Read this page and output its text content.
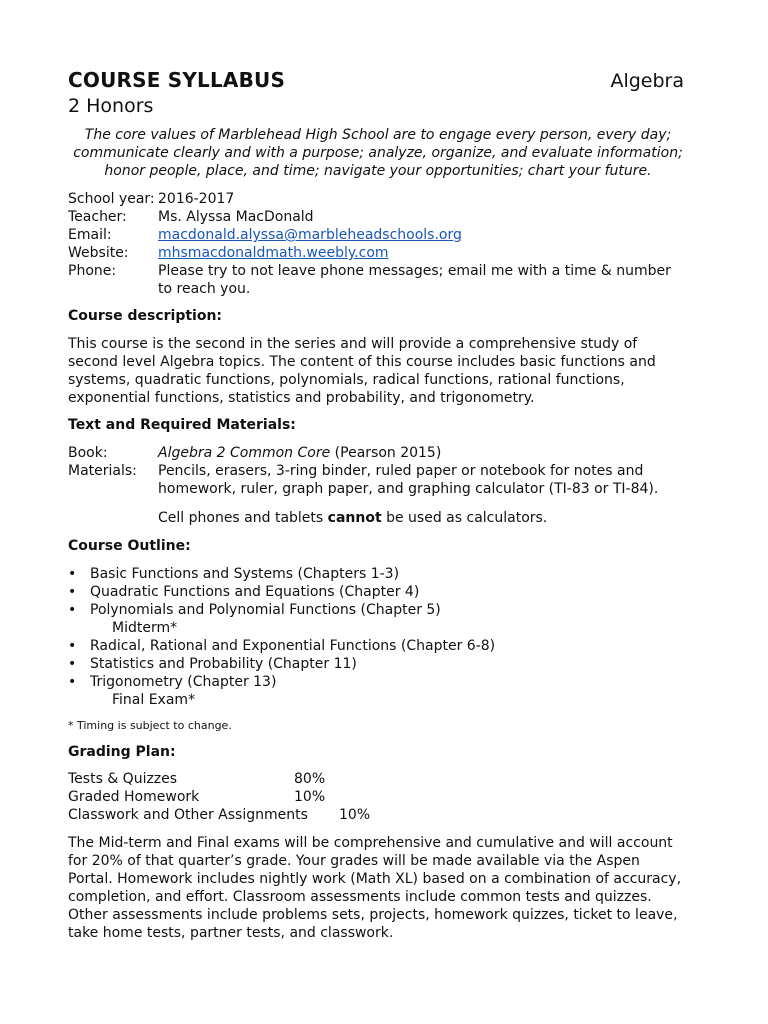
COURSE SYLLABUS	Algebra
2 Honors

The core values of Marblehead High School are to engage every person, every day; communicate clearly and with a purpose; analyze, organize, and evaluate information; honor people, place, and time; navigate your opportunities; chart your future.

School year: 2016-2017
Teacher:	Ms. Alyssa MacDonald
Email:	macdonald.alyssa@marbleheadschools.org
Website:	mhsmacdonaldmath.weebly.com
Phone:	Please try to not leave phone messages; email me with a time & number to reach you.
Course description:
This course is the second in the series and will provide a comprehensive study of second level Algebra topics. The content of this course includes basic functions and systems, quadratic functions, polynomials, radical functions, rational functions, exponential functions, statistics and probability, and trigonometry.
Text and Required Materials:
Book:	Algebra 2 Common Core (Pearson 2015)
Materials:	Pencils, erasers, 3-ring binder, ruled paper or notebook for notes and homework, ruler, graph paper, and graphing calculator (TI-83 or TI-84).
Cell phones and tablets cannot be used as calculators.
Course Outline:
• Basic Functions and Systems (Chapters 1-3)
• Quadratic Functions and Equations (Chapter 4)
• Polynomials and Polynomial Functions (Chapter 5)
Midterm*
• Radical, Rational and Exponential Functions (Chapter 6-8)
• Statistics and Probability (Chapter 11)
• Trigonometry (Chapter 13)
Final Exam*
* Timing is subject to change.
Grading Plan:
Tests & Quizzes	80%
Graded Homework	10%
Classwork and Other Assignments 10%
The Mid-term and Final exams will be comprehensive and cumulative and will account for 20% of that quarter’s grade. Your grades will be made available via the Aspen Portal. Homework includes nightly work (Math XL) based on a combination of accuracy, completion, and effort. Classroom assessments include common tests and quizzes. Other assessments include problems sets, projects, homework quizzes, ticket to leave, take home tests, partner tests, and classwork.
